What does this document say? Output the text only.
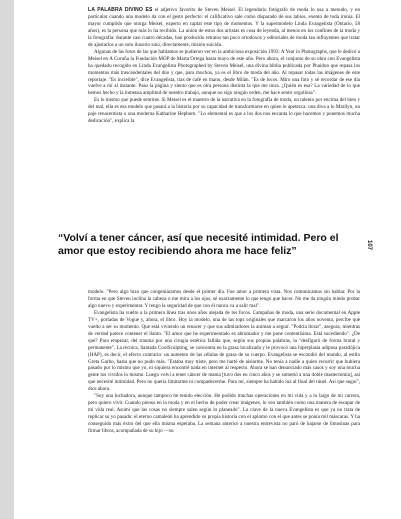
LA PALABRA DIVINO ES el adjetivo favorito de Steven Meisel. El legendario fotógrafo de moda lo usa a menudo, y en particular cuando una modelo da con el gesto perfecto: el calificativo sale como disparado de sus labios, exento de toda ironía. El mayor cumplido que otorga Meisel, experto en captar este tipo de momentos. Y la supermodelo Linda Evangelista (Ontario, 58 años), es la persona que más lo ha recibido. La unión de estos dos artistas es cosa de leyenda, al menos en los confines de la moda y la fotografía: durante casi cuatro décadas, han producido retratos tan poco ortodoxos y editoriales de moda tan influyentes que tratar de ajustarlos a un solo ilusorio sino, directamente, misión suicida.

Algunas de las fotos de las que hablamos se pudieron ver en la ambiciosa exposición 1993: A Year in Photographs, que le dedicó a Meisel en A Coruña la Fundación MOP de Marta Ortega hasta mayo de este año. Pero ahora, el conjunto de su obra con Evangelista ha quedado recogido en Linda Evangelista Photographed by Steven Meisel, una divina biblia publicada por Phaidon que repasa los momentos más trascendentales del dúo y que, para muchos, ya es el libro de moda del año. Al repasar todas las imágenes de este reportaje. "Es increíble", dice Evangelista, tras de café en mano, desde Milán. "Es de locos. Miro una foto y sé recordar de ese día vuelve a mí al instante. Paso la página y siento que es otra persona distinta la que me mira. ¿Quién es esa? La variedad de lo que hemos hecho y la inmensa amplitud de nuestro trabajo, aunque no sigo ningún orden, me hace sentir orgullosa".

Es lo mismo que puede sentirse. Si Meisel es el maestro de la narrativa en la fotografía de moda, un talento por encima del bien y del mal, ella es esa modelo que pasará a la historia por su capacidad de transformarse en quien le apetezca: una diva a lo Marilyn, un paje renacentista o una moderna Katharine Hepburn. "Lo elemental es que a los dos nos encanta lo que hacemos y ponemos mucha dedicación", explica la

“Volví a tener cáncer, así que necesité intimidad. Pero el amor que estoy recibiendo ahora me hace feliz”	107

modelo. "Pero algo hizo que congeniáramos desde el primer día. Fue amor a primera vista. Nos comunicamos sin hablar. Por la forma en que Steven inclina la cabeza o me mira a los ojos, sé exactamente lo que tengo que hacer. No me da ningún miedo probar algo nuevo y experimentar. Y tengo la seguridad de que con él nunca va a salir mal".

Evangelista ha vuelto a la primera línea tras unos años alejada de los focos. Campañas de moda, una serie documental en Apple TV+, portadas de Vogue y, ahora, el libro. Hoy la modelo, una de las tops originales que marcaron los años noventa, percibe que vuelto a ser su momento. Que está viviendo un renacer y que sus admiradores la animan a seguir. "Podría llorar", asegura, mientras de verdad parece contener el llanto. "El amor que he experimentado es abrumador y me pone contentísima. Está sucediendo". ¿De qué? Para empezar, del trauma por una cirugía estética fallida que, según sus propias palabras, la "desfiguró de forma brutal y permanente". La técnica, llamada CoolSculpting, se concentra en la grasa localizada y le provocó una hiperplasia adiposa paradójica (HAP), es decir, el efecto contrario: un aumento de las células de grasa de su cuerpo. Evangelista se escondió del mundo, al estilo Greta Garbo, hasta que no pudo más. "Estaba muy triste, pero me harté de aislarme. No tenía a nadie a quien recurrir que hubiera pasado por lo mismo que yo, ni siquiera encontré nada en internet al respecto. Ahora se han denunciado más casos y soy una mucha gente los vividos lo mismo. Luego volví a tener cáncer de mama [tuvo dos en cinco años y se sometió a una doble mastectomía], así que necesité intimidad. Pero no quería limitarme ni compadecerme. Para mí, siempre ha habido luz al final del túnel. Así que seguí", dice ahora.

"Soy una luchadora, aunque tampoco he tenido elección. He podido muchas operaciones en mi vida y a lo largo de mi carrera, pero quiero vivir. Cuando pienso en la moda y en el hecho de poder crear imágenes, lo veo también como una manera de escapar de mi vida real. Asumí que las cosas no siempre salen según lo planeado". La clave de la nueva Evangelista es que ya no trata de replicar su yo pasado: el eterno camaleón ha aprendido su propia historia con el aplomo con el que antes se ponía mil máscaras. Y ha conseguido más éxito del que ella misma esperaba. La semana anterior a nuestra entrevista no paró de bajarse de limusinas para firmar libros, acompañada de su hijo —su
